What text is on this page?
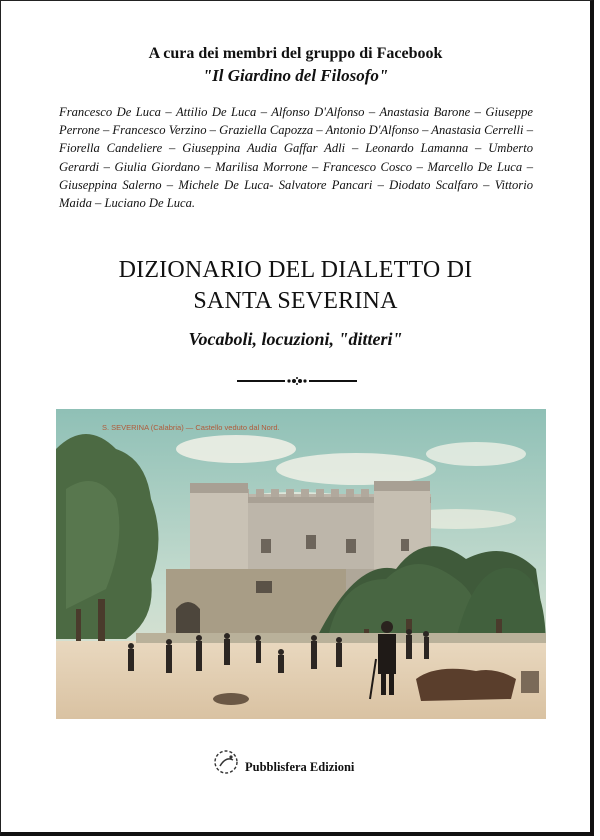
A cura dei membri del gruppo di Facebook
"Il Giardino del Filosofo"
Francesco De Luca – Attilio De Luca – Alfonso D'Alfonso – Anastasia Barone – Giuseppe Perrone – Francesco Verzino – Graziella Capozza – Antonio D'Alfonso – Anastasia Cerrelli – Fiorella Candeliere – Giuseppina Audia Gaffar Adli – Leonardo Lamanna – Umberto Gerardi – Giulia Giordano – Marilisa Morrone – Francesco Cosco – Marcello De Luca – Giuseppina Salerno – Michele De Luca- Salvatore Pancari – Diodato Scalfaro – Vittorio Maida – Luciano De Luca.
DIZIONARIO DEL DIALETTO DI
SANTA SEVERINA
Vocaboli, locuzioni, "ditteri"
S. SEVERINA (Calabria) — Castello veduto dal Nord.
Pubblisfera Edizioni
